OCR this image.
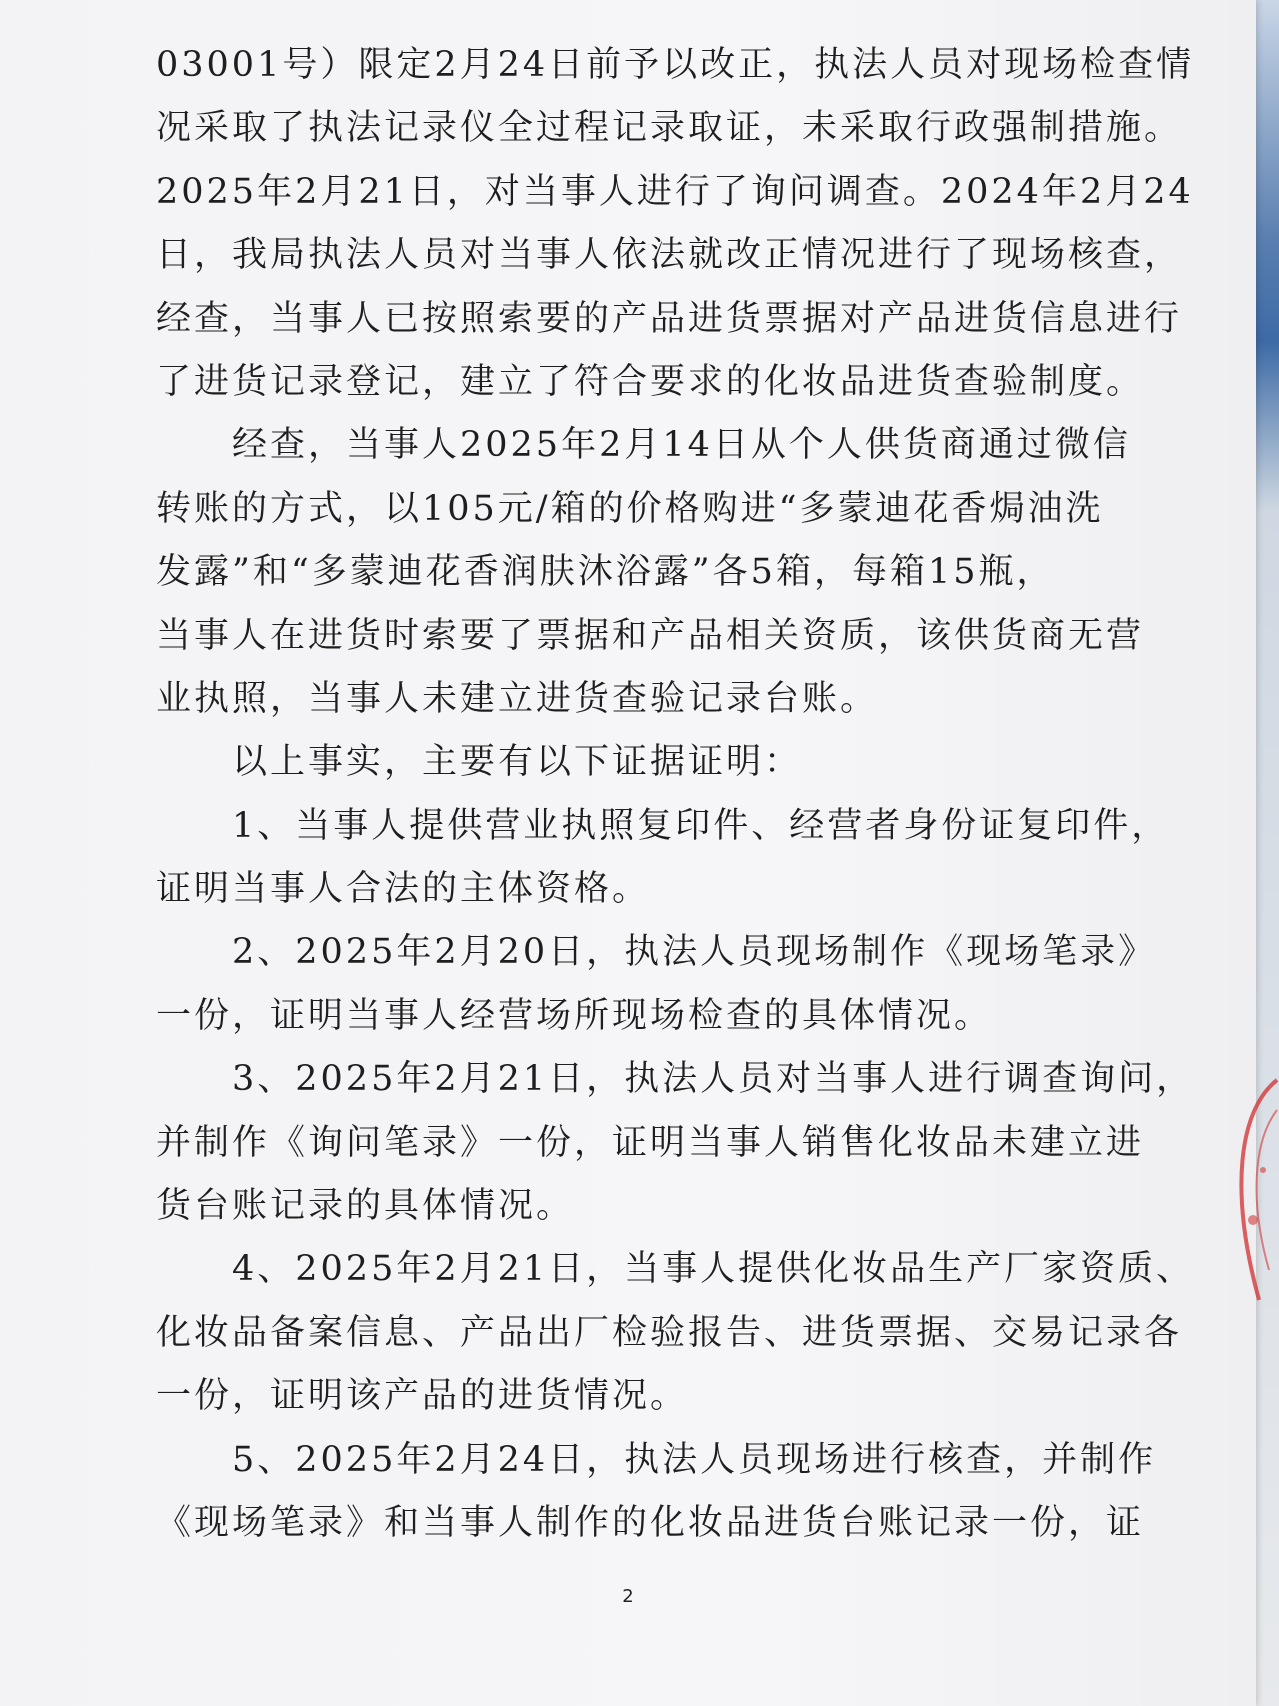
03001号）限定2月24日前予以改正，执法人员对现场检查情
况采取了执法记录仪全过程记录取证，未采取行政强制措施。
2025年2月21日，对当事人进行了询问调查。2024年2月24
日，我局执法人员对当事人依法就改正情况进行了现场核查，
经查，当事人已按照索要的产品进货票据对产品进货信息进行
了进货记录登记，建立了符合要求的化妆品进货查验制度。
　　经查，当事人2025年2月14日从个人供货商通过微信
转账的方式，以105元/箱的价格购进“多蒙迪花香焗油洗
发露”和“多蒙迪花香润肤沐浴露”各5箱，每箱15瓶，
当事人在进货时索要了票据和产品相关资质，该供货商无营
业执照，当事人未建立进货查验记录台账。
　　以上事实，主要有以下证据证明：
　　1、当事人提供营业执照复印件、经营者身份证复印件，
证明当事人合法的主体资格。
　　2、2025年2月20日，执法人员现场制作《现场笔录》
一份，证明当事人经营场所现场检查的具体情况。
　　3、2025年2月21日，执法人员对当事人进行调查询问，
并制作《询问笔录》一份，证明当事人销售化妆品未建立进
货台账记录的具体情况。
　　4、2025年2月21日，当事人提供化妆品生产厂家资质、
化妆品备案信息、产品出厂检验报告、进货票据、交易记录各
一份，证明该产品的进货情况。
　　5、2025年2月24日，执法人员现场进行核查，并制作
《现场笔录》和当事人制作的化妆品进货台账记录一份，证
2
